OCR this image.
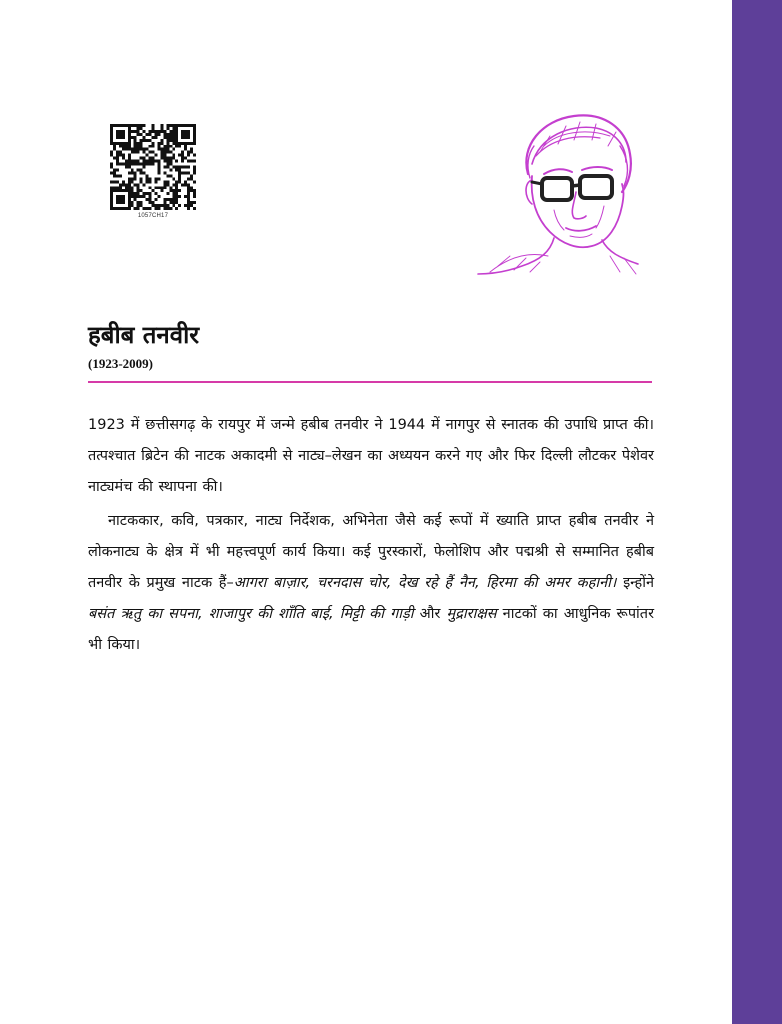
1057CH17
हबीब तनवीर
(1923-2009)

1923 में छत्तीसगढ़ के रायपुर में जन्मे हबीब तनवीर ने 1944 में नागपुर से स्नातक की उपाधि प्राप्त की। तत्पश्चात ब्रिटेन की नाटक अकादमी से नाट्य–लेखन का अध्ययन करने गए और फिर दिल्ली लौटकर पेशेवर नाट्यमंच की स्थापना की।

नाटककार, कवि, पत्रकार, नाट्य निर्देशक, अभिनेता जैसे कई रूपों में ख्याति प्राप्त हबीब तनवीर ने लोकनाट्य के क्षेत्र में भी महत्त्वपूर्ण कार्य किया। कई पुरस्कारों, फेलोशिप और पद्मश्री से सम्मानित हबीब तनवीर के प्रमुख नाटक हैं–आगरा बाज़ार, चरनदास चोर, देख रहे हैं नैन, हिरमा की अमर कहानी। इन्होंने बसंत ऋतु का सपना, शाजापुर की शाँति बाई, मिट्टी की गाड़ी और मुद्राराक्षस नाटकों का आधुनिक रूपांतर भी किया।
